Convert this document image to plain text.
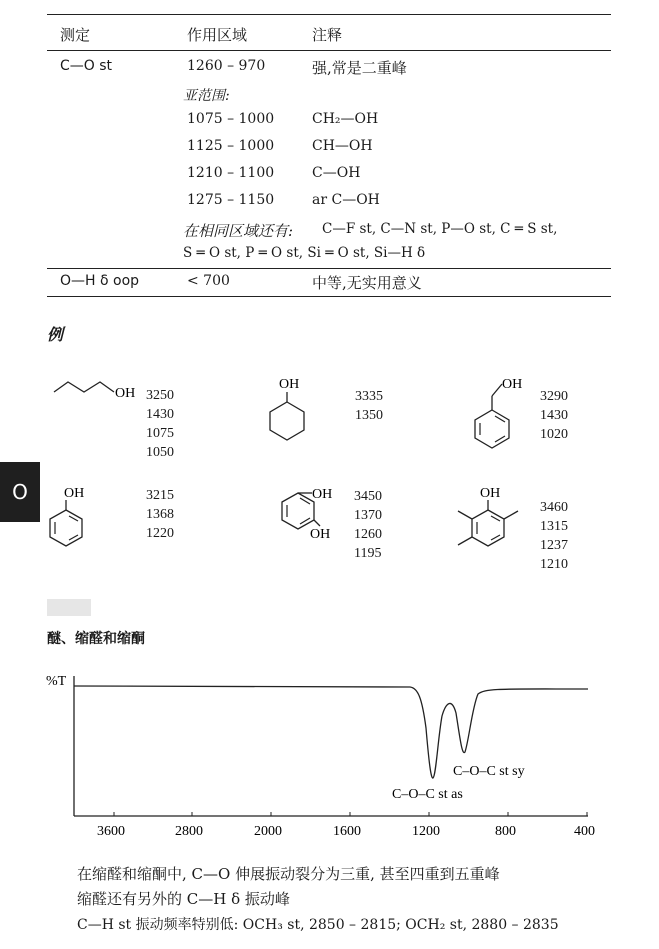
测定	作用区域	注释
C—O st	1260 – 970	强,常是二重峰
亚范围:
1075 – 1000	CH₂—OH
1125 – 1000	CH—OH
1210 – 1100	C—OH
1275 – 1150	ar C—OH
在相同区域还有: C—F st, C—N st, P—O st, C ═ S st,
S ═ O st, P ═ O st, Si ═ O st, Si—H δ
O—H δ oop	< 700	中等,无实用意义
例
OH 3250
1430
1075
1050
OH
3335
1350
OH
3290
1430
1020
OH	3215
1368
1220
OH
OH
3450
1370
1260
1195
OH
3460
1315
1237
1210
O
醚、缩醛和缩酮
%T
3600	2800	2000	1600	1200	800	400
C–O–C st sy
C–O–C st as
在缩醛和缩酮中, C—O 伸展振动裂分为三重, 甚至四重到五重峰
缩醛还有另外的 C—H δ 振动峰
C—H st 振动频率特别低: OCH₃ st, 2850 – 2815; OCH₂ st, 2880 – 2835
